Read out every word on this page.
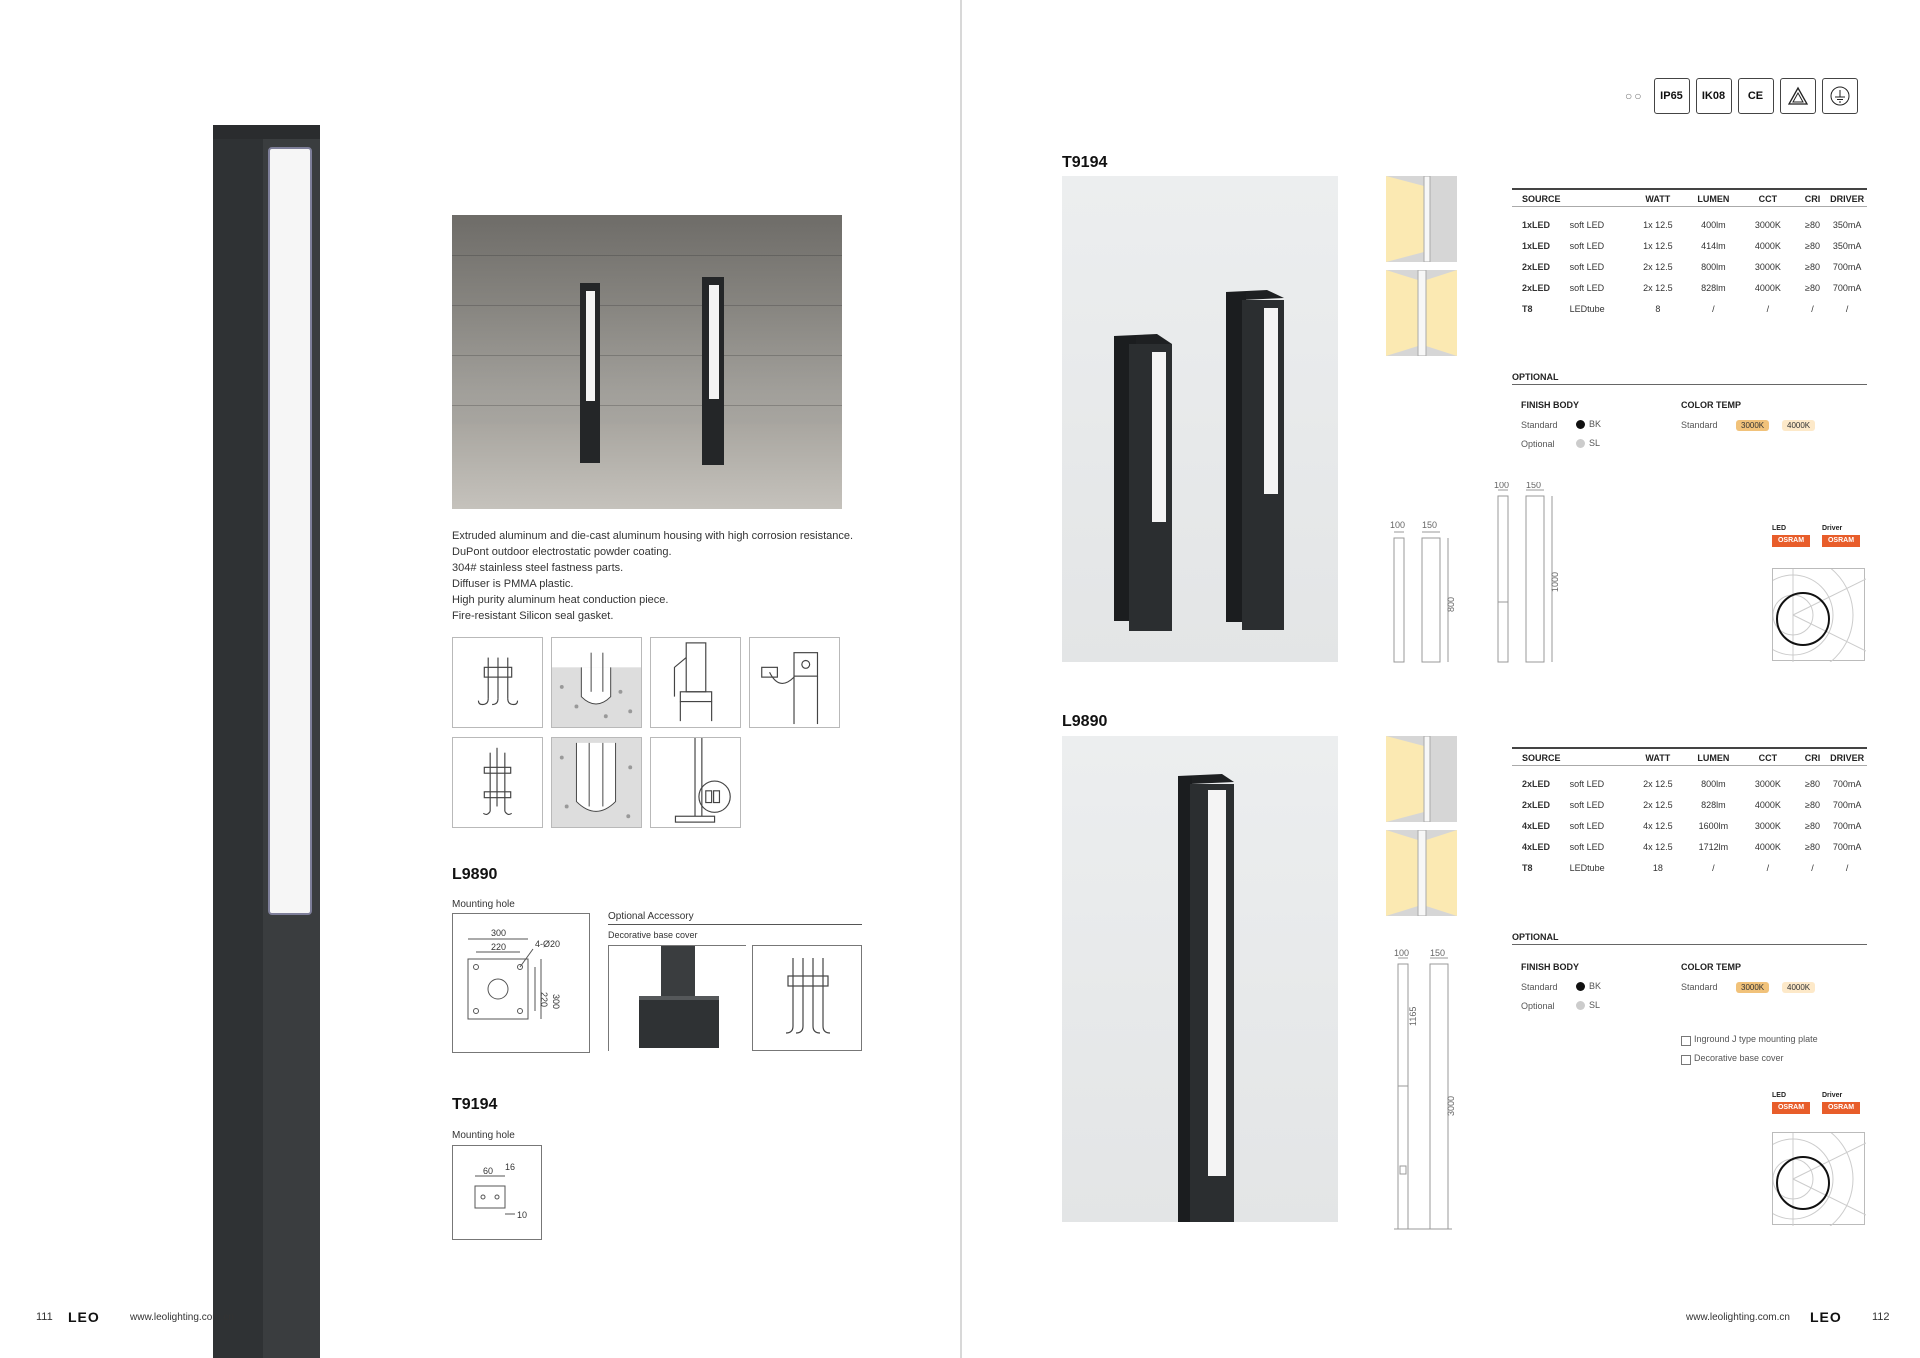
Extruded aluminum and die-cast aluminum housing with high corrosion resistance.
DuPont outdoor electrostatic powder coating.
304# stainless steel fastness parts.
Diffuser is PMMA plastic.
High purity aluminum heat conduction piece.
Fire-resistant Silicon seal gasket.
L9890
Mounting hole
300
220	4-Ø20
300
220
Optional Accessory
Decorative base cover
T9194
Mounting hole
60 16
10
111 LEO	www.leolighting.com.cn
○○	IP65	IK08	CE
T9194
SOURCE	WATT	LUMEN	CCT	CRI	DRIVER
1xLED	soft LED	1x 12.5	400lm	3000K	≥80	350mA
1xLED	soft LED	1x 12.5	414lm	4000K	≥80	350mA
2xLED	soft LED	2x 12.5	800lm	3000K	≥80	700mA
2xLED	soft LED	2x 12.5	828lm	4000K	≥80	700mA
T8	LEDtube	8	/	/	/	/
OPTIONAL
FINISH BODY	COLOR TEMP
Standard	BK
Optional	SL
Standard	3000K	4000K
100 150
100 150
800
1000
LED	Driver
OSRAM	OSRAM
L9890
SOURCE	WATT	LUMEN	CCT	CRI	DRIVER
2xLED	soft LED	2x 12.5	800lm	3000K	≥80	700mA
2xLED	soft LED	2x 12.5	828lm	4000K	≥80	700mA
4xLED	soft LED	4x 12.5	1600lm	3000K	≥80	700mA
4xLED	soft LED	4x 12.5	1712lm	4000K	≥80	700mA
T8	LEDtube	18	/	/	/	/
OPTIONAL
FINISH BODY	COLOR TEMP
Standard	BK
Optional	SL
Standard	3000K	4000K
Inground J type mounting plate
Decorative base cover
100 150
1165
3000
LED	Driver
OSRAM	OSRAM
www.leolighting.com.cn LEO	112
